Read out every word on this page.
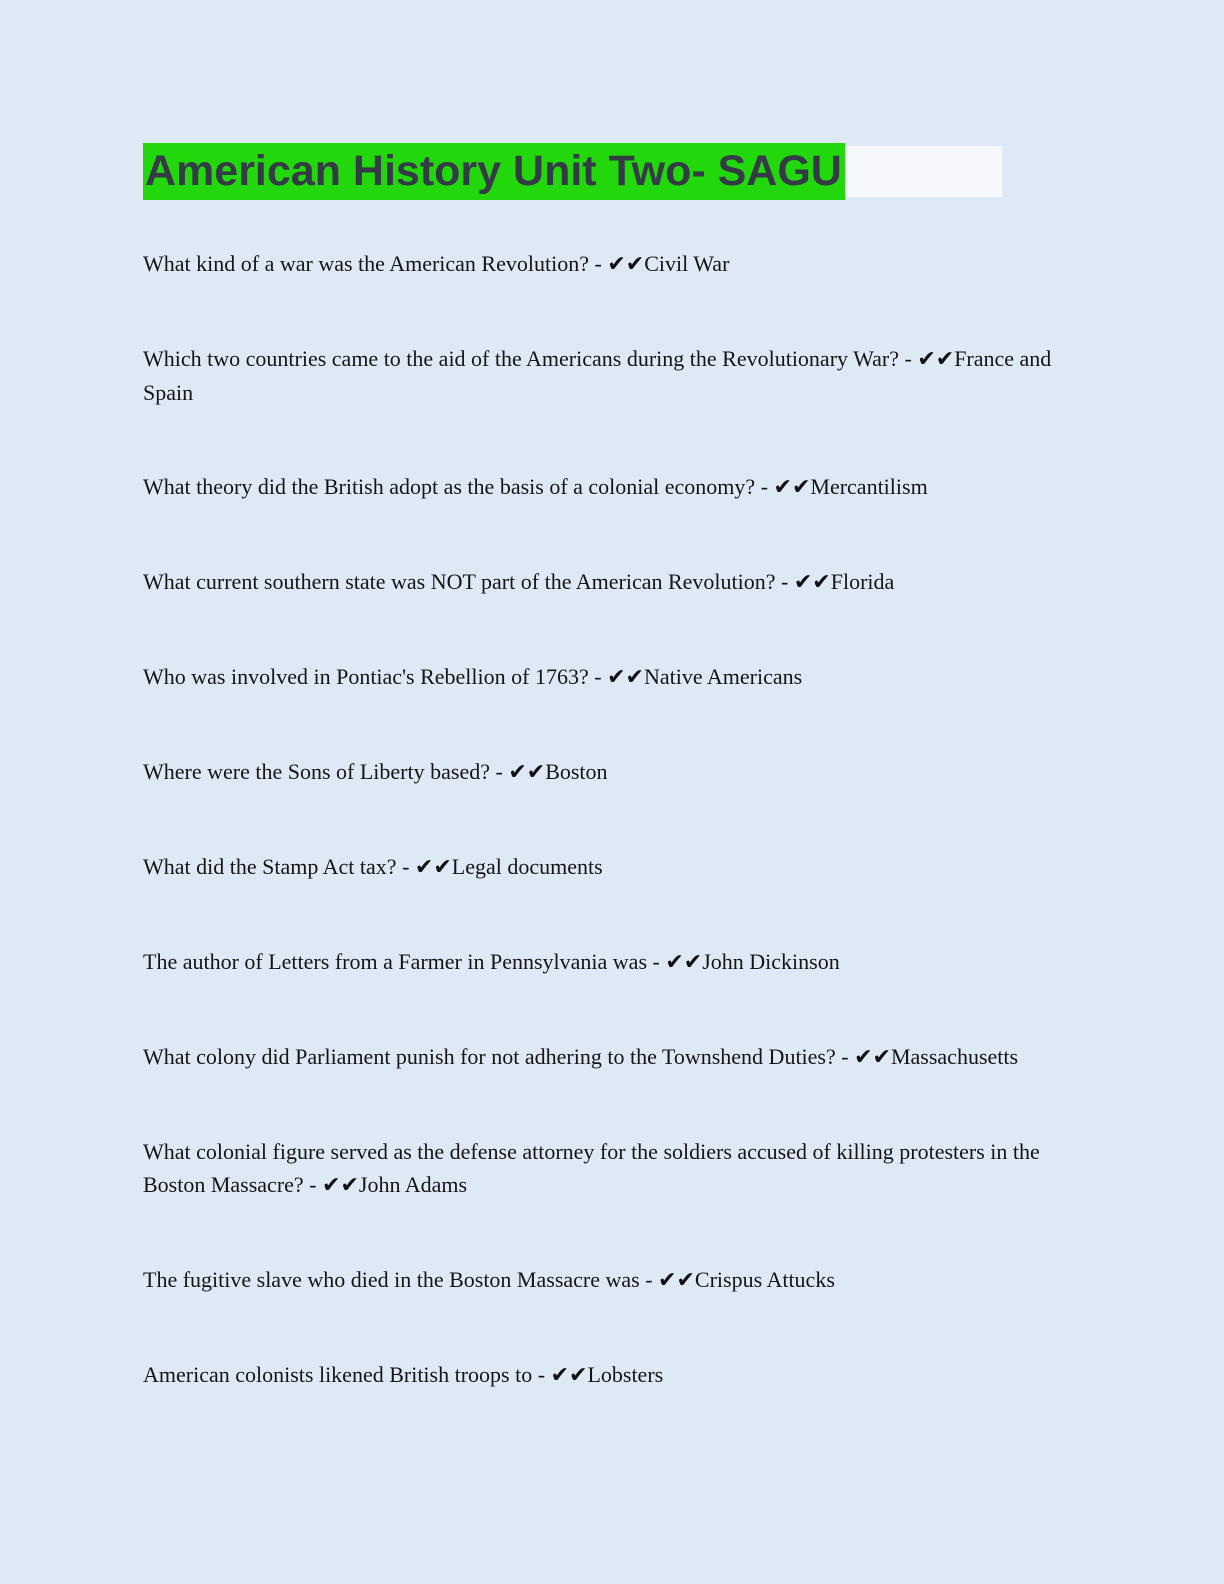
American History Unit Two- SAGU

What kind of a war was the American Revolution? - ✔✔Civil War

Which two countries came to the aid of the Americans during the Revolutionary War? - ✔✔France and Spain

What theory did the British adopt as the basis of a colonial economy? - ✔✔Mercantilism

What current southern state was NOT part of the American Revolution? - ✔✔Florida

Who was involved in Pontiac's Rebellion of 1763? - ✔✔Native Americans

Where were the Sons of Liberty based? - ✔✔Boston

What did the Stamp Act tax? - ✔✔Legal documents

The author of Letters from a Farmer in Pennsylvania was - ✔✔John Dickinson

What colony did Parliament punish for not adhering to the Townshend Duties? - ✔✔Massachusetts

What colonial figure served as the defense attorney for the soldiers accused of killing protesters in the Boston Massacre? - ✔✔John Adams

The fugitive slave who died in the Boston Massacre was - ✔✔Crispus Attucks

American colonists likened British troops to - ✔✔Lobsters
